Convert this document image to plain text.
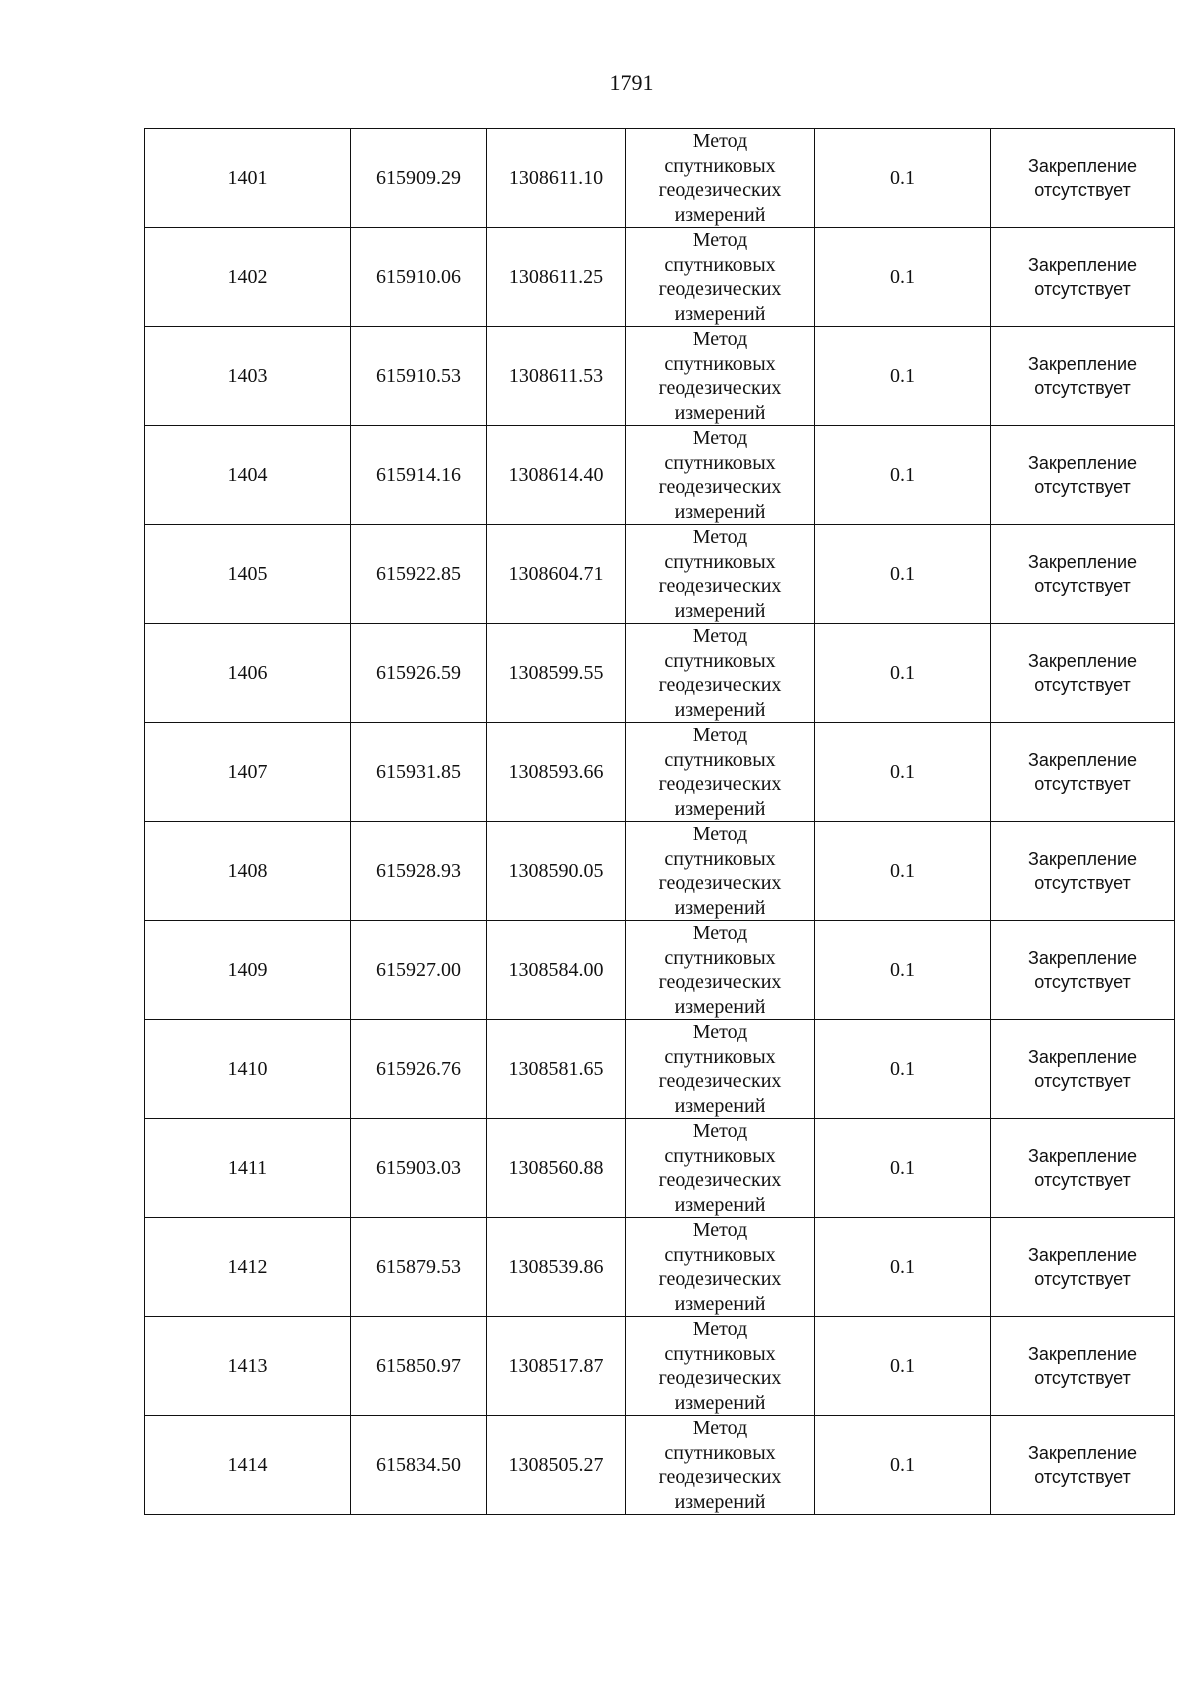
1791
1401	615909.29	1308611.10	Метод
спутниковых
геодезических
измерений	0.1	Закрепление
отсутствует

1402	615910.06	1308611.25	Метод
спутниковых
геодезических
измерений	0.1	Закрепление
отсутствует

1403	615910.53	1308611.53	Метод
спутниковых
геодезических
измерений	0.1	Закрепление
отсутствует

1404	615914.16	1308614.40	Метод
спутниковых
геодезических
измерений	0.1	Закрепление
отсутствует

1405	615922.85	1308604.71	Метод
спутниковых
геодезических
измерений	0.1	Закрепление
отсутствует

1406	615926.59	1308599.55	Метод
спутниковых
геодезических
измерений	0.1	Закрепление
отсутствует

1407	615931.85	1308593.66	Метод
спутниковых
геодезических
измерений	0.1	Закрепление
отсутствует

1408	615928.93	1308590.05	Метод
спутниковых
геодезических
измерений	0.1	Закрепление
отсутствует

1409	615927.00	1308584.00	Метод
спутниковых
геодезических
измерений	0.1	Закрепление
отсутствует

1410	615926.76	1308581.65	Метод
спутниковых
геодезических
измерений	0.1	Закрепление
отсутствует

1411	615903.03	1308560.88	Метод
спутниковых
геодезических
измерений	0.1	Закрепление
отсутствует

1412	615879.53	1308539.86	Метод
спутниковых
геодезических
измерений	0.1	Закрепление
отсутствует

1413	615850.97	1308517.87	Метод
спутниковых
геодезических
измерений	0.1	Закрепление
отсутствует

1414	615834.50	1308505.27	Метод
спутниковых
геодезических
измерений	0.1	Закрепление
отсутствует
